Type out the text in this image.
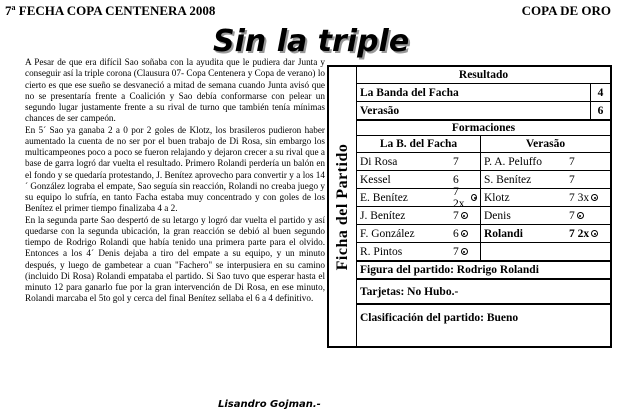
7$^a$ FECHA COPA CENTENERA 2008	COPA DE ORO
Sin la triple

A Pesar de que era difícil Sao soñaba con la ayudita que le pudiera dar Junta y conseguir así la triple corona (Clausura 07- Copa Centenera y Copa de verano) lo cierto es que ese sueño se desvaneció a mitad de semana cuando Junta avisó que no se presentaría frente a Coalición y Sao debía conformarse con pelear un segundo lugar justamente frente a su rival de turno que también tenía mínimas chances de ser campeón.

En 5´ Sao ya ganaba 2 a 0 por 2 goles de Klotz, los brasileros pudieron haber aumentado la cuenta de no ser por el buen trabajo de Di Rosa, sin embargo los multicampeones poco a poco se fueron relajando y dejaron crecer a su rival que a base de garra logró dar vuelta el resultado. Primero Rolandi perdería un balón en el fondo y se quedaría protestando, J. Benítez aprovecho para convertir y a los 14´ González lograba el empate, Sao seguía sin reacción, Rolandi no creaba juego y su equipo lo sufría, en tanto Facha estaba muy concentrado y con goles de los Benítez el primer tiempo finalizaba 4 a 2.

En la segunda parte Sao despertó de su letargo y logró dar vuelta el partido y así quedarse con la segunda ubicación, la gran reacción se debió al buen segundo tiempo de Rodrigo Rolandi que había tenido una primera parte para el olvido. Entonces a los 4´ Denis dejaba a tiro del empate a su equipo, y un minuto después, y luego de gambetear a cuan "Fachero" se interpusiera en su camino (incluido Di Rosa) Rolandi empataba el partido. Si Sao tuvo que esperar hasta el minuto 12 para ganarlo fue por la gran intervención de Di Rosa, en ese minuto, Rolandi marcaba el 5to gol y cerca del final Benítez sellaba el 6 a 4 definitivo.

Lisandro Gojman.-
Ficha del Partido
Resultado
La Banda del Facha	4
Verasão	6
Formaciones
La B. del Facha	Verasão
Di Rosa	7 P. A. Peluffo 7
Kessel	6 S. Benítez	7
E. Benítez	7 2x	Klotz	7 3x
J. Benítez	7 Denis	7
F. González	6 Rolandi	7 2x
R. Pintos	7
Figura del partido: Rodrigo Rolandi
Tarjetas: No Hubo.-
Clasificación del partido: Bueno
